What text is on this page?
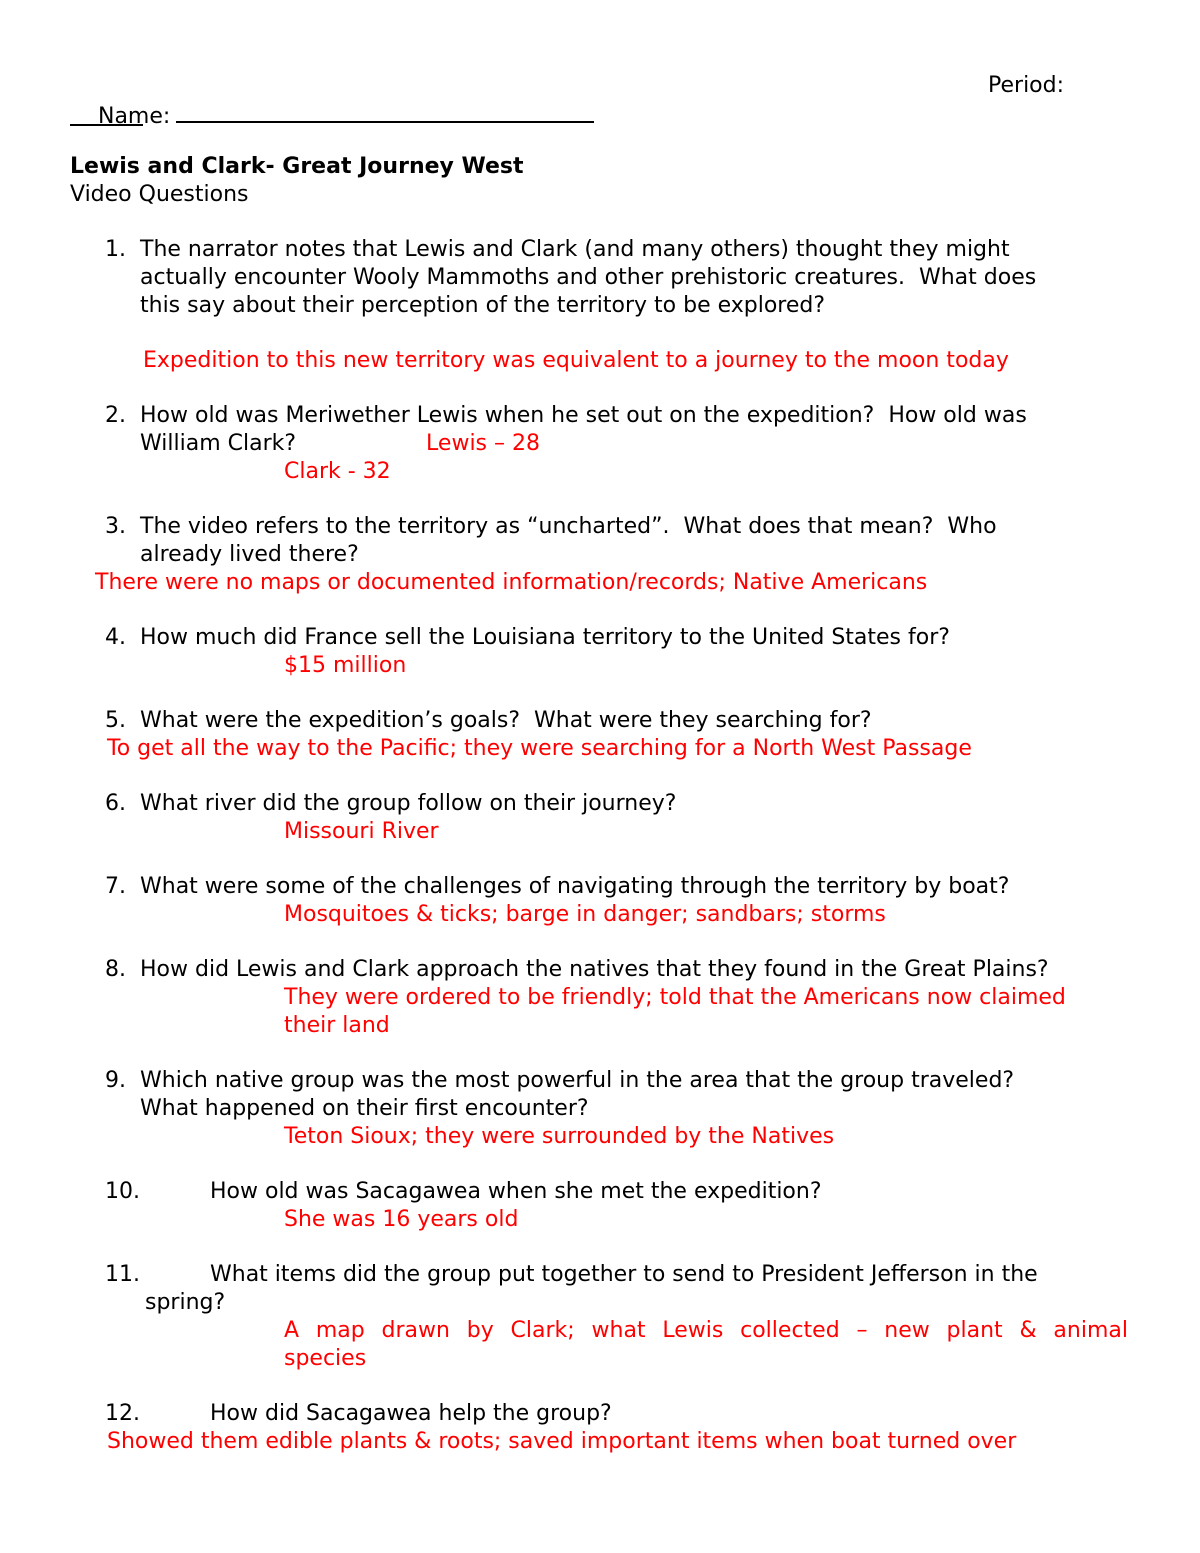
Name:

Period:

Lewis and Clark- Great Journey West
Video Questions
1. The narrator notes that Lewis and Clark (and many others) thought they might
actually encounter Wooly Mammoths and other prehistoric creatures.  What does
this say about their perception of the territory to be explored?
Expedition to this new territory was equivalent to a journey to the moon today
2. How old was Meriwether Lewis when he set out on the expedition?  How old was
William Clark?	Lewis – 28
Clark - 32
3. The video refers to the territory as “uncharted”.  What does that mean?  Who
already lived there?
There were no maps or documented information/records; Native Americans
4. How much did France sell the Louisiana territory to the United States for?
$15 million
5. What were the expedition’s goals?  What were they searching for?
To get all the way to the Pacific; they were searching for a North West Passage
6. What river did the group follow on their journey?
Missouri River
7. What were some of the challenges of navigating through the territory by boat?
Mosquitoes & ticks; barge in danger; sandbars; storms
8. How did Lewis and Clark approach the natives that they found in the Great Plains?
They were ordered to be friendly; told that the Americans now claimed
their land
9. Which native group was the most powerful in the area that the group traveled?
What happened on their first encounter?
Teton Sioux; they were surrounded by the Natives
10.	How old was Sacagawea when she met the expedition?
She was 16 years old
11.	What items did the group put together to send to President Jefferson in the
spring?
A map drawn by Clark; what Lewis collected – new plant & animal
species
12.	How did Sacagawea help the group?
Showed them edible plants & roots; saved important items when boat turned over
